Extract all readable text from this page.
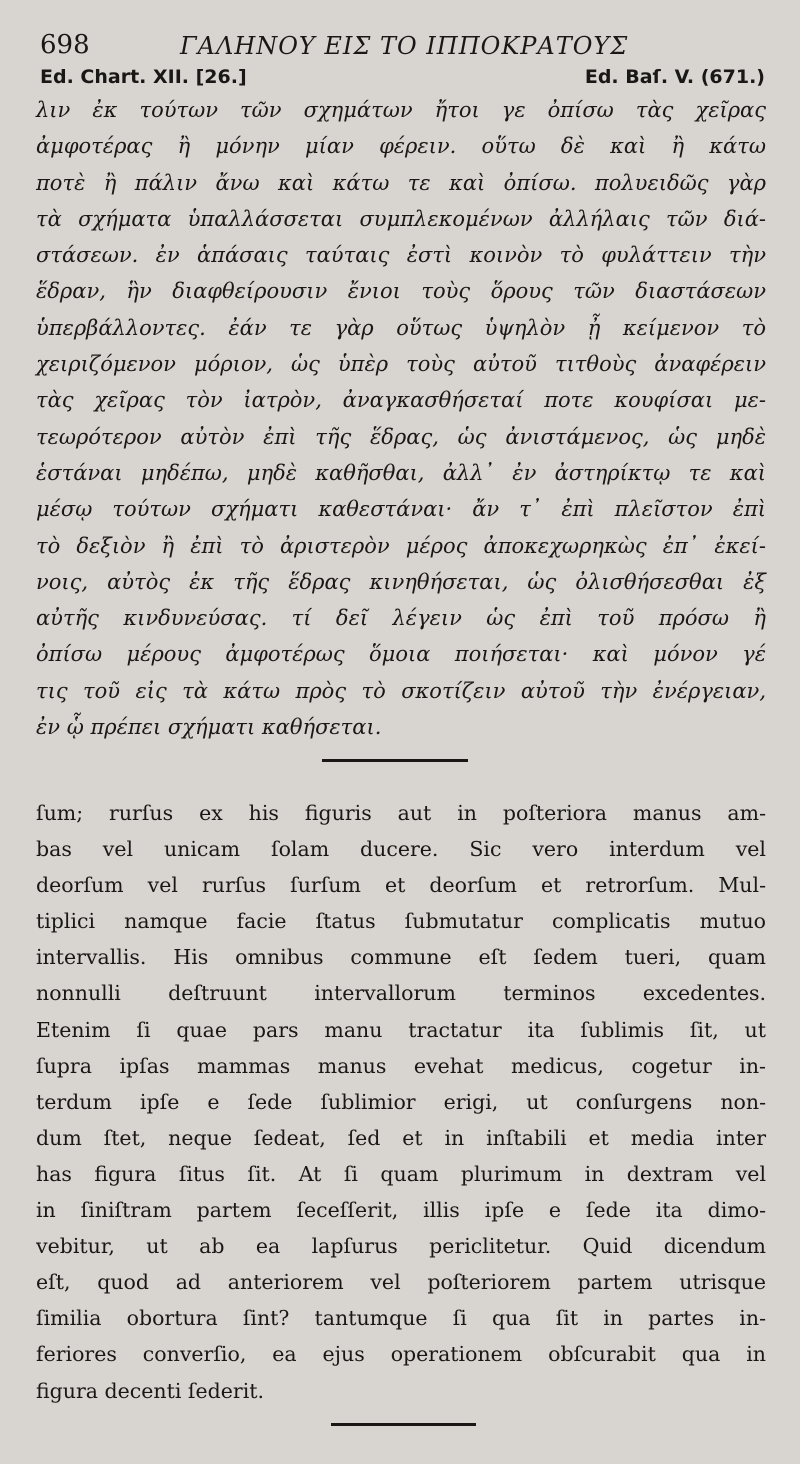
698	ΓΑΛΗΝΟΥ ΕΙΣ ΤΟ ΙΠΠΟΚΡΑΤΟΥΣ
Ed. Chart. XII. [26.]	Ed. Baſ. V. (671.)
λιν ἐκ τούτων τῶν σχημάτων ἤτοι γε ὀπίσω τὰς χεῖρας
ἀμφοτέρας ἢ μόνην μίαν φέρειν. οὕτω δὲ καὶ ἢ κάτω
ποτὲ ἢ πάλιν ἄνω καὶ κάτω τε καὶ ὀπίσω. πολυειδῶς γὰρ
τὰ σχήματα ὑπαλλάσσεται συμπλεκομένων ἀλλήλαις τῶν διά-
στάσεων. ἐν ἁπάσαις ταύταις ἐστὶ κοινὸν τὸ φυλάττειν τὴν
ἕδραν, ἣν διαφθείρουσιν ἔνιοι τοὺς ὅρους τῶν διαστάσεων
ὑπερβάλλοντες. ἐάν τε γὰρ οὕτως ὑψηλὸν ᾖ κείμενον τὸ
χειριζόμενον μόριον, ὡς ὑπὲρ τοὺς αὐτοῦ τιτθοὺς ἀναφέρειν
τὰς χεῖρας τὸν ἰατρὸν, ἀναγκασθήσεταί ποτε κουφίσαι με-
τεωρότερον αὐτὸν ἐπὶ τῆς ἕδρας, ὡς ἀνιστάμενος, ὡς μηδὲ
ἑστάναι μηδέπω, μηδὲ καθῆσθαι, ἀλλ᾽ ἐν ἀστηρίκτῳ τε καὶ
μέσῳ τούτων σχήματι καθεστάναι· ἄν τ᾽ ἐπὶ πλεῖστον ἐπὶ
τὸ δεξιὸν ἢ ἐπὶ τὸ ἀριστερὸν μέρος ἀποκεχωρηκὼς ἐπ᾽ ἐκεί-
νοις, αὐτὸς ἐκ τῆς ἕδρας κινηθήσεται, ὡς ὀλισθήσεσθαι ἐξ
αὐτῆς κινδυνεύσας. τί δεῖ λέγειν ὡς ἐπὶ τοῦ πρόσω ἢ
ὀπίσω μέρους ἀμφοτέρως ὅμοια ποιήσεται· καὶ μόνον γέ
τις τοῦ εἰς τὰ κάτω πρὸς τὸ σκοτίζειν αὐτοῦ τὴν ἐνέργειαν,
ἐν ᾧ πρέπει σχήματι καθήσεται.
ſum; rurſus ex his figuris aut in poſteriora manus am-
bas vel unicam ſolam ducere. Sic vero interdum vel
deorſum vel rurſus ſurſum et deorſum et retrorſum. Mul-
tiplici namque facie ſtatus ſubmutatur complicatis mutuo
intervallis. His omnibus commune eſt ſedem tueri, quam
nonnulli deſtruunt intervallorum terminos excedentes.
Etenim ſi quae pars manu tractatur ita ſublimis ſit, ut
ſupra ipſas mammas manus evehat medicus, cogetur in-
terdum ipſe e ſede ſublimior erigi, ut conſurgens non-
dum ſtet, neque ſedeat, ſed et in inſtabili et media inter
has figura ſitus ſit. At ſi quam plurimum in dextram vel
in ſiniſtram partem ſeceſſerit, illis ipſe e ſede ita dimo-
vebitur, ut ab ea lapſurus periclitetur. Quid dicendum
eſt, quod ad anteriorem vel poſteriorem partem utrisque
ſimilia obortura ſint? tantumque ſi qua ſit in partes in-
feriores converſio, ea ejus operationem obſcurabit qua in
figura decenti ſederit.
